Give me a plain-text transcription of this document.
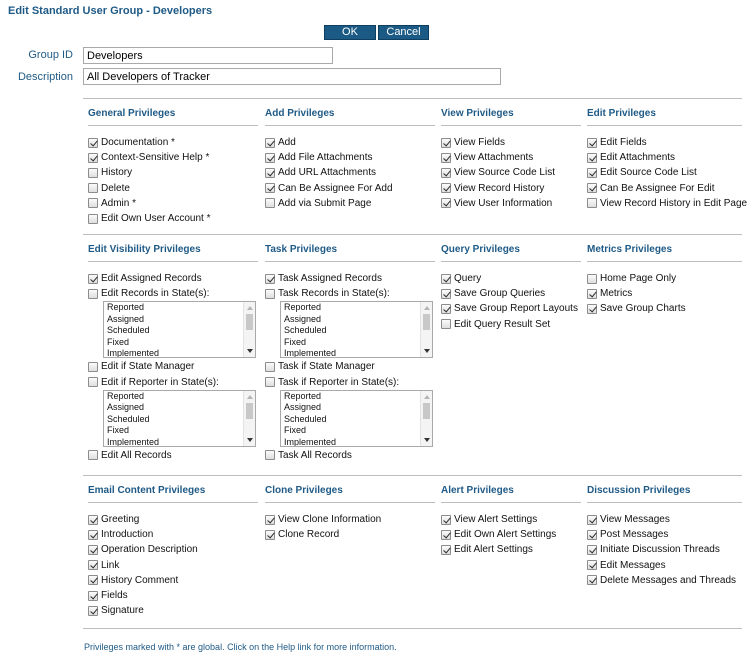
Edit Standard User Group - Developers
OK	Cancel
Group ID
Developers
Description
All Developers of Tracker
General Privileges
Documentation *
Context-Sensitive Help *
History
Delete
Admin *
Edit Own User Account *
Add Privileges
Add
Add File Attachments
Add URL Attachments
Can Be Assignee For Add
Add via Submit Page
View Privileges
View Fields
View Attachments
View Source Code List
View Record History
View User Information
Edit Privileges
Edit Fields
Edit Attachments
Edit Source Code List
Can Be Assignee For Edit
View Record History in Edit Page
Edit Visibility Privileges
Edit Assigned Records
Edit Records in State(s):
Reported
Assigned
Scheduled
Fixed
Implemented
Edit if State Manager
Edit if Reporter in State(s):
Reported
Assigned
Scheduled
Fixed
Implemented
Edit All Records
Task Privileges
Task Assigned Records
Task Records in State(s):
Reported
Assigned
Scheduled
Fixed
Implemented
Task if State Manager
Task if Reporter in State(s):
Reported
Assigned
Scheduled
Fixed
Implemented
Task All Records
Query Privileges
Query
Save Group Queries
Save Group Report Layouts
Edit Query Result Set
Metrics Privileges
Home Page Only
Metrics
Save Group Charts
Email Content Privileges
Greeting
Introduction
Operation Description
Link
History Comment
Fields
Signature
Clone Privileges
View Clone Information
Clone Record
Alert Privileges
View Alert Settings
Edit Own Alert Settings
Edit Alert Settings
Discussion Privileges
View Messages
Post Messages
Initiate Discussion Threads
Edit Messages
Delete Messages and Threads
Privileges marked with * are global. Click on the Help link for more information.
